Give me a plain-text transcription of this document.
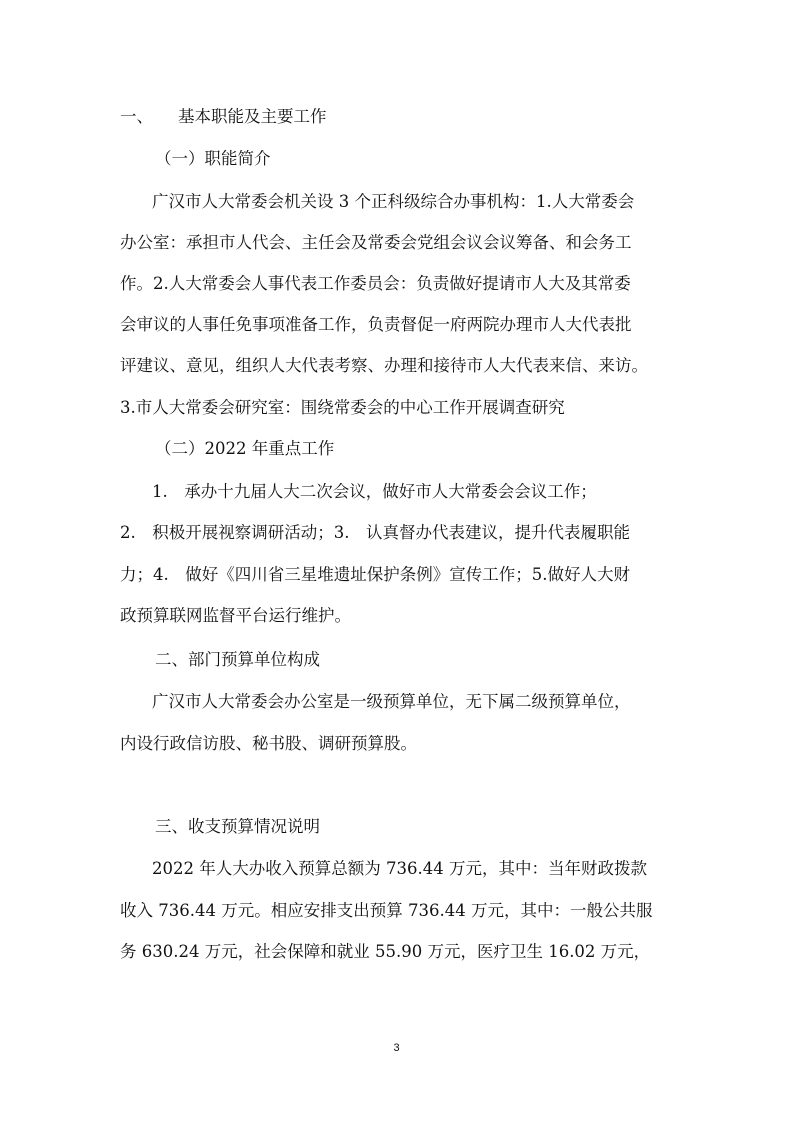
一、 基本职能及主要工作
（一）职能简介
广汉市人大常委会机关设 3 个正科级综合办事机构：1.人大常委会
办公室：承担市人代会、主任会及常委会党组会议会议筹备、和会务工
作。2.人大常委会人事代表工作委员会：负责做好提请市人大及其常委
会审议的人事任免事项准备工作，负责督促一府两院办理市人大代表批
评建议、意见，组织人大代表考察、办理和接待市人大代表来信、来访。
3.市人大常委会研究室：围绕常委会的中心工作开展调查研究
（二）2022 年重点工作
1.　承办十九届人大二次会议，做好市人大常委会会议工作；
2.　积极开展视察调研活动；3.　认真督办代表建议，提升代表履职能
力；4.　做好《四川省三星堆遗址保护条例》宣传工作；5.做好人大财
政预算联网监督平台运行维护。
二、部门预算单位构成
广汉市人大常委会办公室是一级预算单位，无下属二级预算单位，
内设行政信访股、秘书股、调研预算股。
三、收支预算情况说明
2022 年人大办收入预算总额为 736.44 万元，其中：当年财政拨款
收入 736.44 万元。相应安排支出预算 736.44 万元，其中：一般公共服
务 630.24 万元，社会保障和就业 55.90 万元，医疗卫生 16.02 万元，
3
